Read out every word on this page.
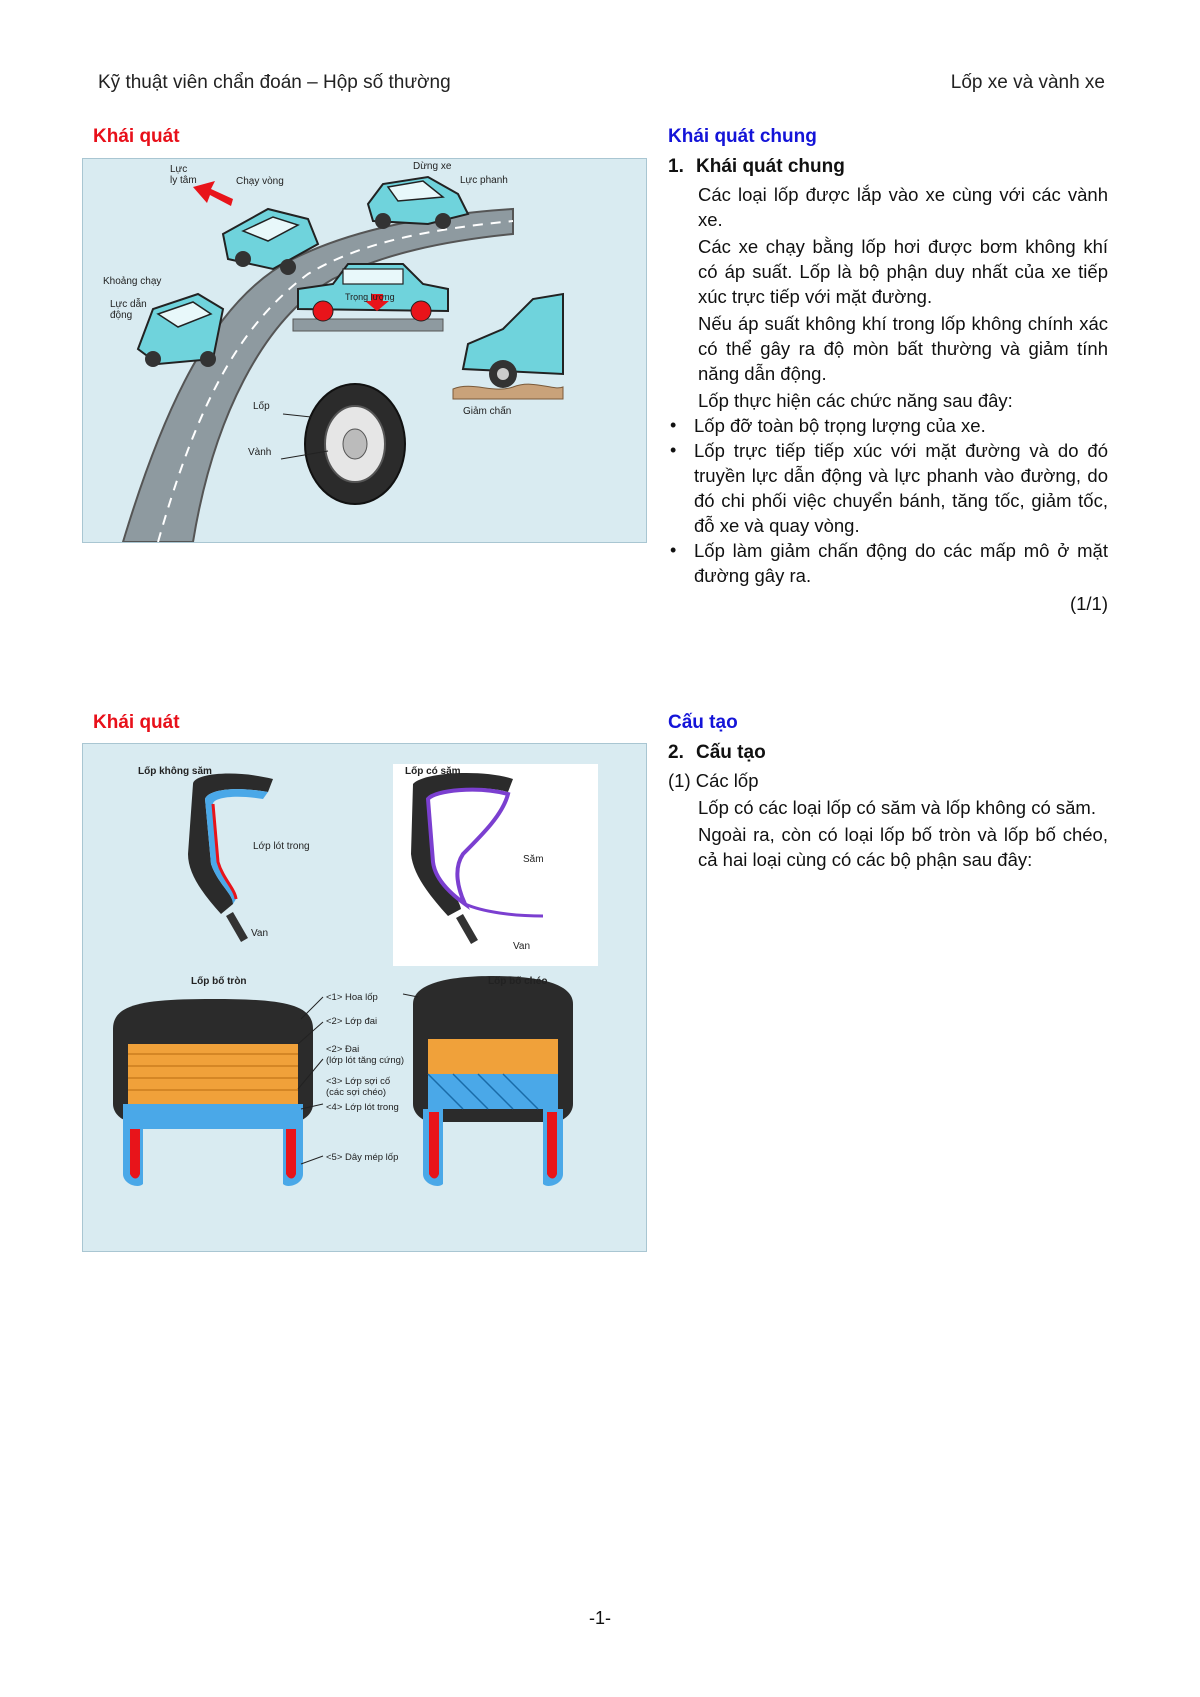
Kỹ thuật viên chẩn đoán – Hộp số thường	Lốp xe và vành xe
Khái quát
Lực
ly tâm	Chạy vòng
Dừng xe
Lực phanh
Khoảng chạy
Lực dẫn
động
Trọng lượng
Lốp
Vành
Giảm chấn
Khái quát chung
1. Khái quát chung

Các loại lốp được lắp vào xe cùng với các vành xe.

Các xe chạy bằng lốp hơi được bơm không khí có áp suất. Lốp là bộ phận duy nhất của xe tiếp xúc trực tiếp với mặt đường.

Nếu áp suất không khí trong lốp không chính xác có thể gây ra độ mòn bất thường và giảm tính năng dẫn động.

Lốp thực hiện các chức năng sau đây:

• Lốp đỡ toàn bộ trọng lượng của xe.
• Lốp trực tiếp tiếp xúc với mặt đường và do đó truyền lực dẫn động và lực phanh vào đường, do đó chi phối việc chuyển bánh, tăng tốc, giảm tốc, đỗ xe và quay vòng.
• Lốp làm giảm chấn động do các mấp mô ở mặt đường gây ra.
(1/1)
Khái quát
Lốp không săm	Lốp có săm
Lớp lót trong
Săm
Van
Van
Lốp bố tròn	Lốp bố chéo
<1> Hoa lốp
<2> Lớp đai
<2> Đai
(lớp lót tăng cứng)
<3> Lớp sợi cố
(các sợi chéo)
<4> Lớp lót trong
<5> Dây mép lốp
Cấu tạo
2. Cấu tạo
(1) Các lốp

Lốp có các loại lốp có săm và lốp không có săm.

Ngoài ra, còn có loại lốp bố tròn và lốp bố chéo, cả hai loại cùng có các bộ phận sau đây:

-1-
